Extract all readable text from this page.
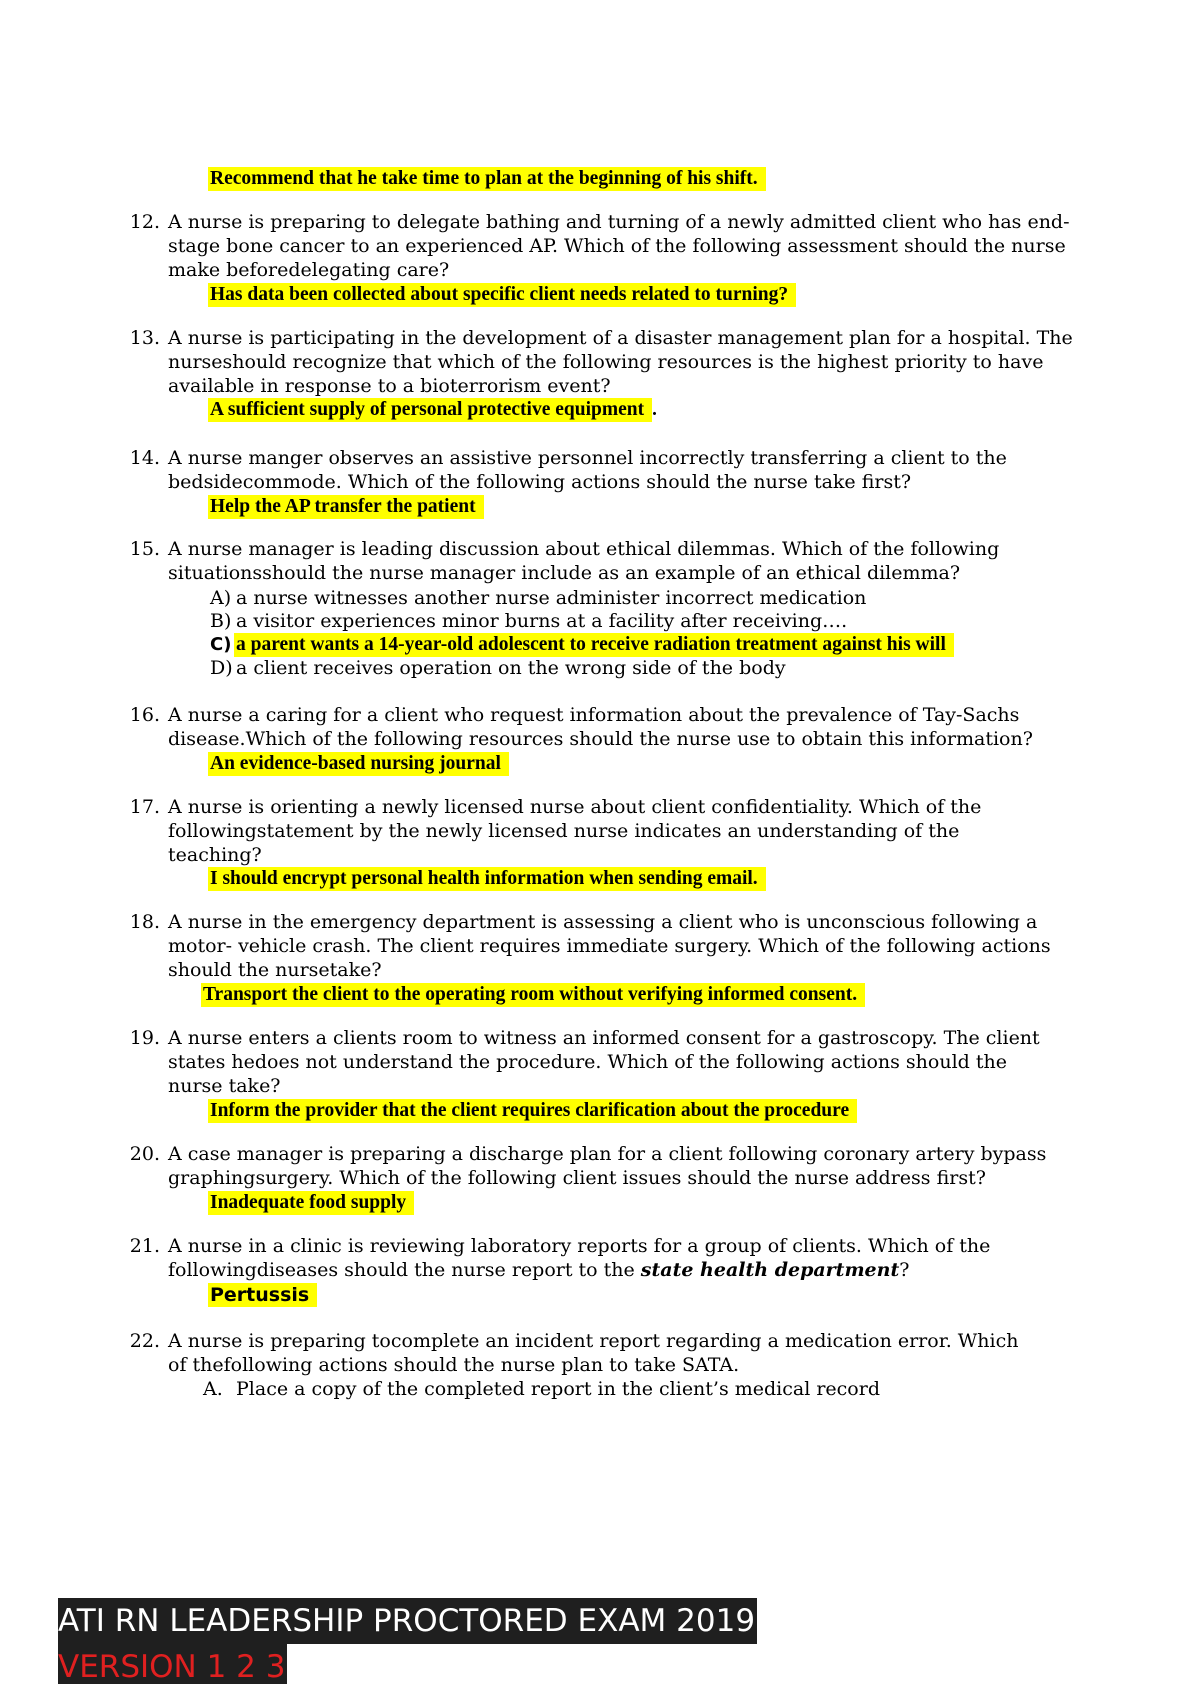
Recommend that he take time to plan at the beginning of his shift.
12. A nurse is preparing to delegate bathing and turning of a newly admitted client who has end-
stage bone cancer to an experienced AP. Which of the following assessment should the nurse
make beforedelegating care?
Has data been collected about specific client needs related to turning?
13. A nurse is participating in the development of a disaster management plan for a hospital. The
nurseshould recognize that which of the following resources is the highest priority to have
available in response to a bioterrorism event?
A sufficient supply of personal protective equipment .
14. A nurse manger observes an assistive personnel incorrectly transferring a client to the
bedsidecommode. Which of the following actions should the nurse take first?
Help the AP transfer the patient
15. A nurse manager is leading discussion about ethical dilemmas. Which of the following
situationsshould the nurse manager include as an example of an ethical dilemma?
A) a nurse witnesses another nurse administer incorrect medication
B) a visitor experiences minor burns at a facility after receiving….
C) a parent wants a 14-year-old adolescent to receive radiation treatment against his will
D) a client receives operation on the wrong side of the body
16. A nurse a caring for a client who request information about the prevalence of Tay-Sachs
disease.Which of the following resources should the nurse use to obtain this information?
An evidence-based nursing journal
17. A nurse is orienting a newly licensed nurse about client confidentiality. Which of the
followingstatement by the newly licensed nurse indicates an understanding of the
teaching?
I should encrypt personal health information when sending email.
18. A nurse in the emergency department is assessing a client who is unconscious following a
motor- vehicle crash. The client requires immediate surgery. Which of the following actions
should the nursetake?
Transport the client to the operating room without verifying informed consent.
19. A nurse enters a clients room to witness an informed consent for a gastroscopy. The client
states hedoes not understand the procedure. Which of the following actions should the
nurse take?
Inform the provider that the client requires clarification about the procedure
20. A case manager is preparing a discharge plan for a client following coronary artery bypass
graphingsurgery. Which of the following client issues should the nurse address first?
Inadequate food supply
21. A nurse in a clinic is reviewing laboratory reports for a group of clients. Which of the
followingdiseases should the nurse report to the state health department?
Pertussis
22. A nurse is preparing tocomplete an incident report regarding a medication error. Which
of thefollowing actions should the nurse plan to take SATA.
A. Place a copy of the completed report in the client’s medical record
ATI RN LEADERSHIP PROCTORED EXAM 2019
VERSION 1 2 3
